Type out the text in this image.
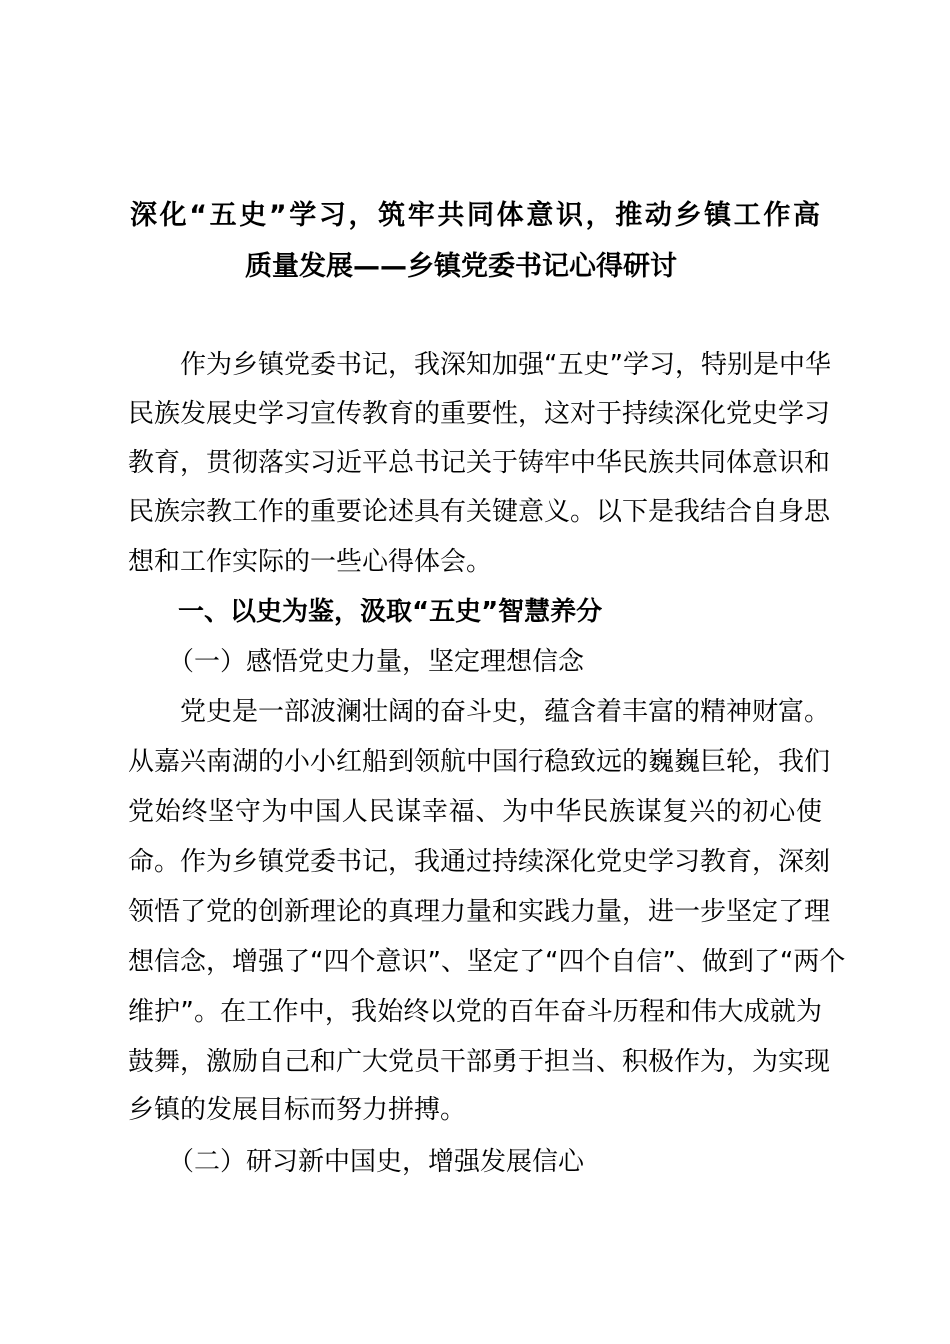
深化“五史”学习，筑牢共同体意识，推动乡镇工作高
质量发展——乡镇党委书记心得研讨
作为乡镇党委书记，我深知加强“五史”学习，特别是中华
民族发展史学习宣传教育的重要性，这对于持续深化党史学习
教育，贯彻落实习近平总书记关于铸牢中华民族共同体意识和
民族宗教工作的重要论述具有关键意义。以下是我结合自身思
想和工作实际的一些心得体会。
一、以史为鉴，汲取“五史”智慧养分
（一）感悟党史力量，坚定理想信念
党史是一部波澜壮阔的奋斗史，蕴含着丰富的精神财富。
从嘉兴南湖的小小红船到领航中国行稳致远的巍巍巨轮，我们
党始终坚守为中国人民谋幸福、为中华民族谋复兴的初心使
命。作为乡镇党委书记，我通过持续深化党史学习教育，深刻
领悟了党的创新理论的真理力量和实践力量，进一步坚定了理
想信念，增强了“四个意识”、坚定了“四个自信”、做到了“两个
维护”。在工作中，我始终以党的百年奋斗历程和伟大成就为
鼓舞，激励自己和广大党员干部勇于担当、积极作为，为实现
乡镇的发展目标而努力拼搏。
（二）研习新中国史，增强发展信心
